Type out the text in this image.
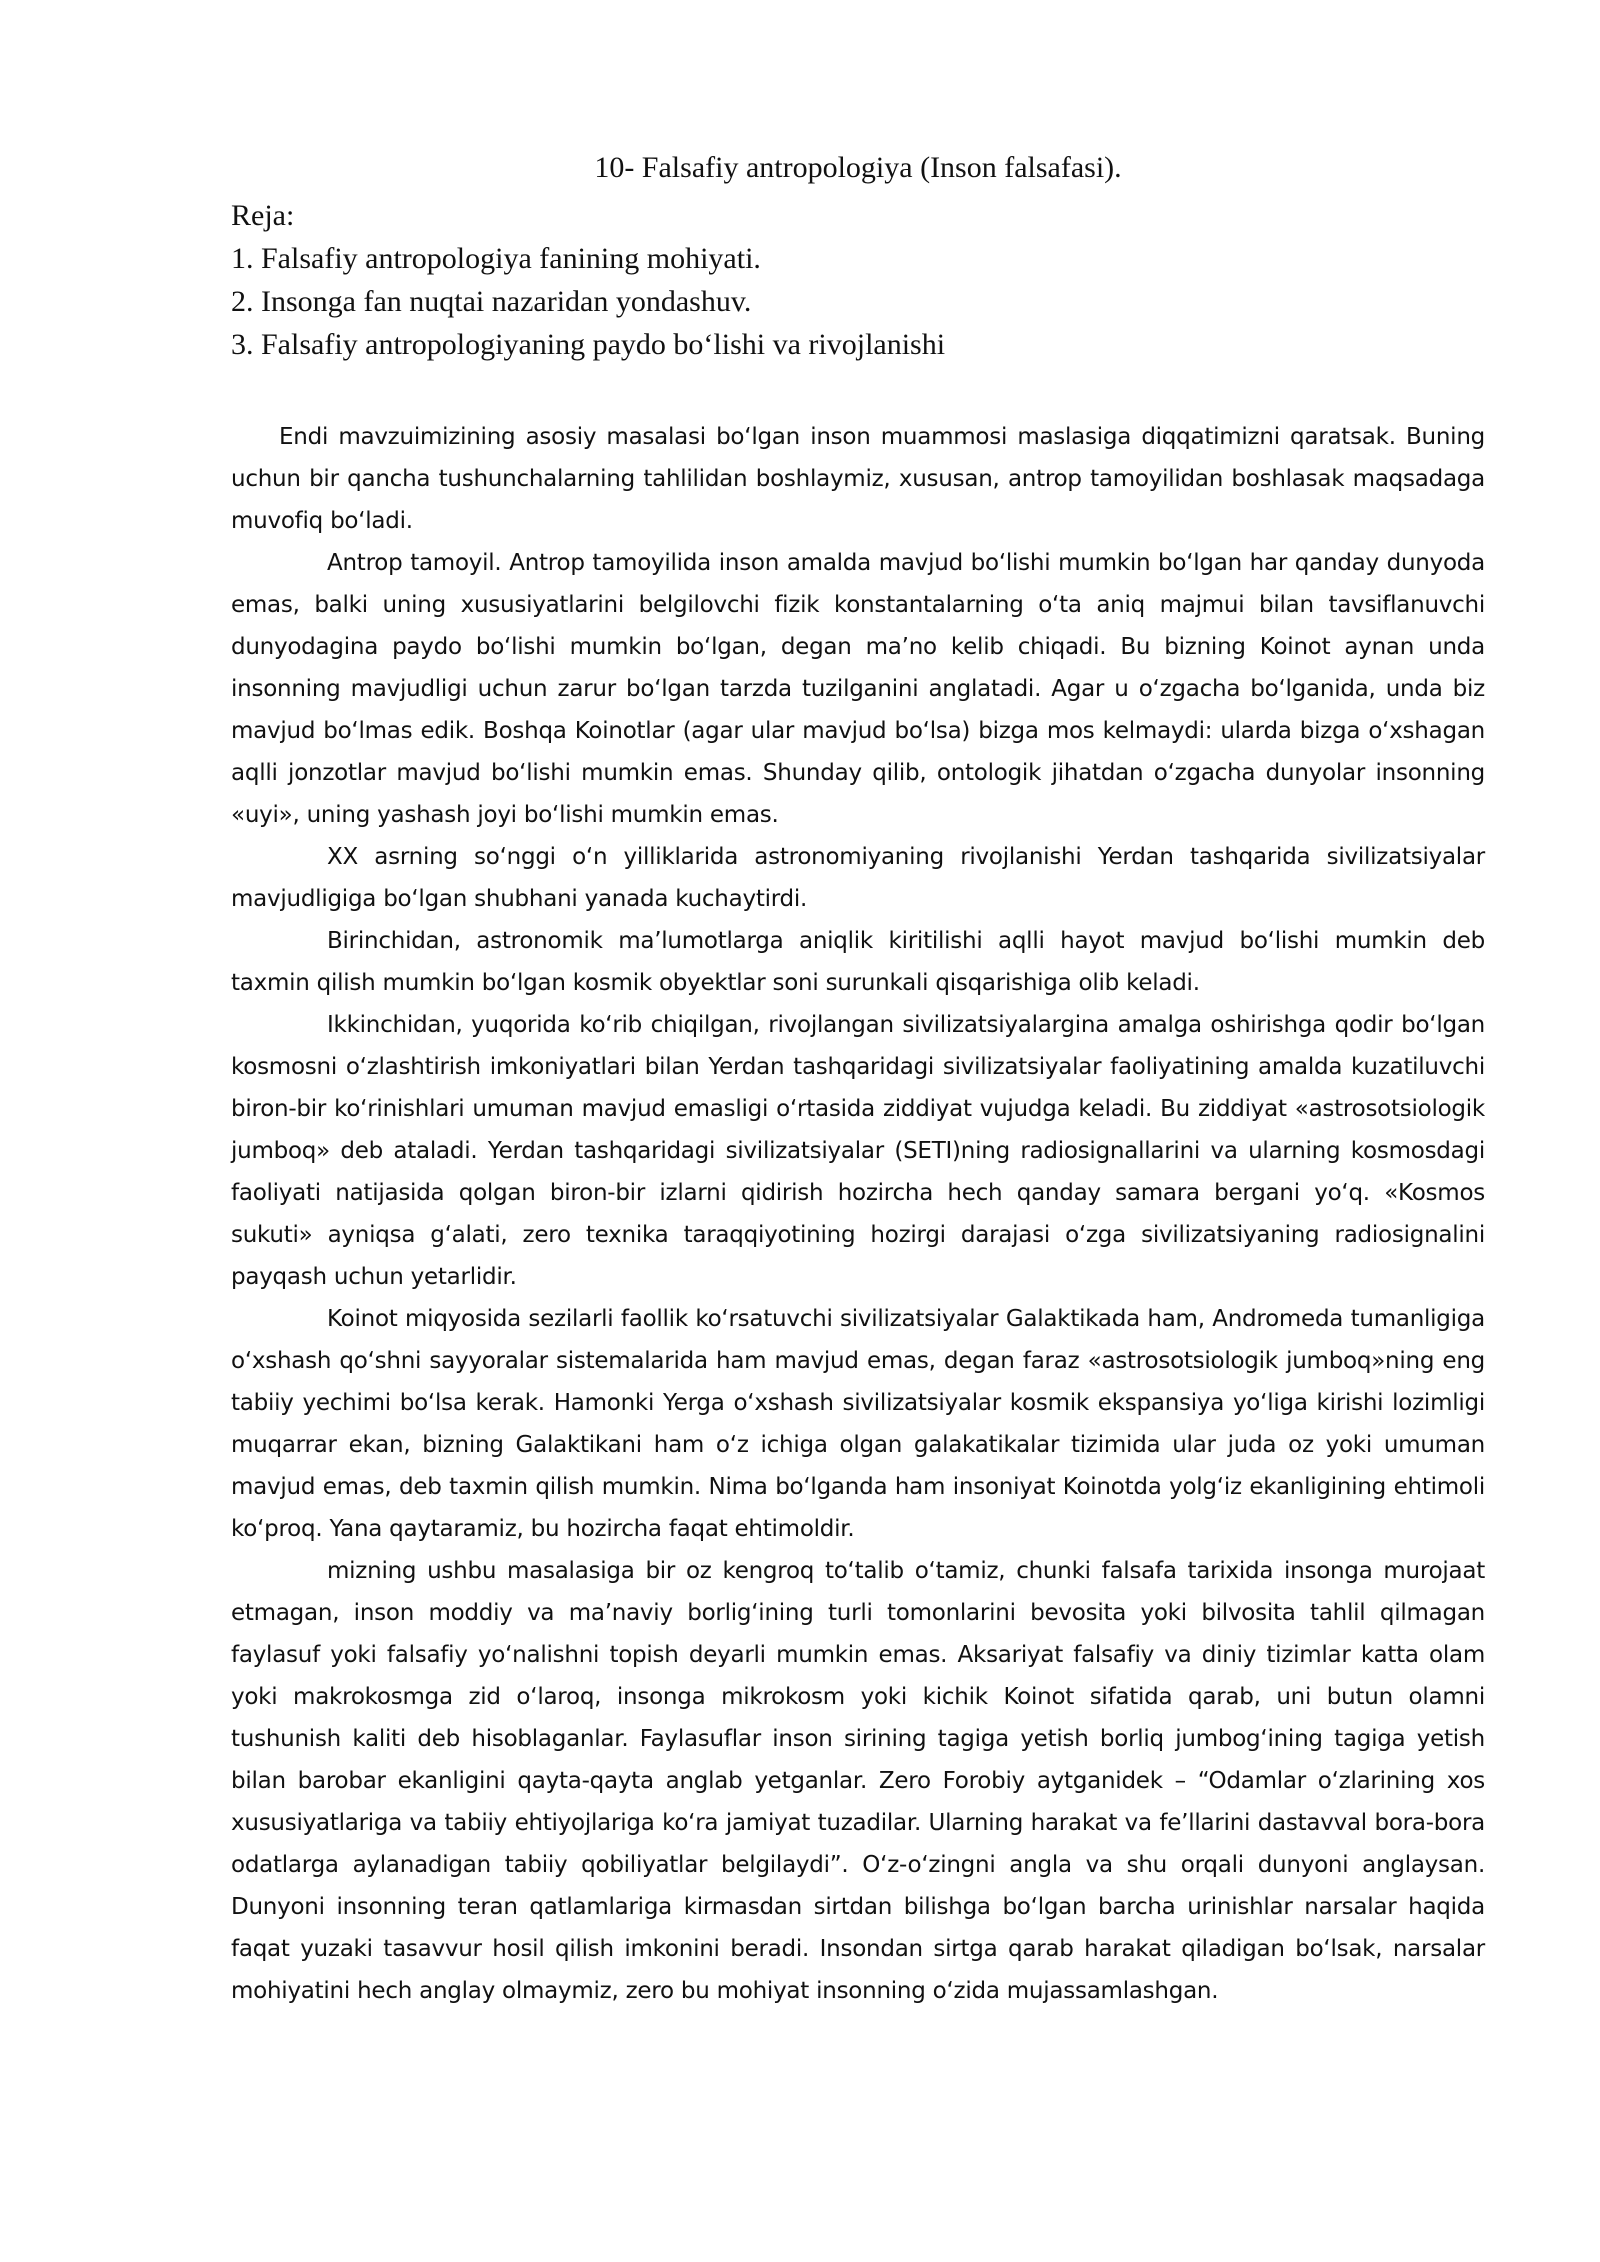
10- Falsafiy antropologiya (Inson falsafasi).
Reja:
1. Falsafiy antropologiya fanining mohiyati.
2. Insonga fan nuqtai nazaridan yondashuv.
3. Falsafiy antropologiyaning paydo bo‘lishi va rivojlanishi

Endi mavzuimizining asosiy masalasi bo‘lgan inson muammosi maslasiga diqqatimizni qaratsak. Buning uchun bir qancha tushunchalarning tahlilidan boshlaymiz, xususan, antrop tamoyilidan boshlasak maqsadaga muvofiq bo‘ladi.

Antrop tamoyil. Antrop tamoyilida inson amalda mavjud bo‘lishi mumkin bo‘lgan har qanday dunyoda emas, balki uning xususiyatlarini belgilovchi fizik konstantalarning o‘ta aniq majmui bilan tavsiflanuvchi dunyodagina paydo bo‘lishi mumkin bo‘lgan, degan ma’no kelib chiqadi. Bu bizning Koinot aynan unda insonning mavjudligi uchun zarur bo‘lgan tarzda tuzilganini anglatadi. Agar u o‘zgacha bo‘lganida, unda biz mavjud bo‘lmas edik. Boshqa Koinotlar (agar ular mavjud bo‘lsa) bizga mos kelmaydi: ularda bizga o‘xshagan aqlli jonzotlar mavjud bo‘lishi mumkin emas. Shunday qilib, ontologik jihatdan o‘zgacha dunyolar insonning «uyi», uning yashash joyi bo‘lishi mumkin emas.

XX asrning so‘nggi o‘n yilliklarida astronomiyaning rivojlanishi Yerdan tashqarida sivilizatsiyalar mavjudligiga bo‘lgan shubhani yanada kuchaytirdi.

Birinchidan, astronomik ma’lumotlarga aniqlik kiritilishi aqlli hayot mavjud bo‘lishi mumkin deb taxmin qilish mumkin bo‘lgan kosmik obyektlar soni surunkali qisqarishiga olib keladi.

Ikkinchidan, yuqorida ko‘rib chiqilgan, rivojlangan sivilizatsiyalargina amalga oshirishga qodir bo‘lgan kosmosni o‘zlashtirish imkoniyatlari bilan Yerdan tashqaridagi sivilizatsiyalar faoliyatining amalda kuzatiluvchi biron-bir ko‘rinishlari umuman mavjud emasligi o‘rtasida ziddiyat vujudga keladi. Bu ziddiyat «astrosotsiologik jumboq» deb ataladi. Yerdan tashqaridagi sivilizatsiyalar (SETI)ning radiosignallarini va ularning kosmosdagi faoliyati natijasida qolgan biron-bir izlarni qidirish hozircha hech qanday samara bergani yo‘q. «Kosmos sukuti» ayniqsa g‘alati, zero texnika taraqqiyotining hozirgi darajasi o‘zga sivilizatsiyaning radiosignalini payqash uchun yetarlidir.

Koinot miqyosida sezilarli faollik ko‘rsatuvchi sivilizatsiyalar Galaktikada ham, Andromeda tumanligiga o‘xshash qo‘shni sayyoralar sistemalarida ham mavjud emas, degan faraz «astrosotsiologik jumboq»ning eng tabiiy yechimi bo‘lsa kerak. Hamonki Yerga o‘xshash sivilizatsiyalar kosmik ekspansiya yo‘liga kirishi lozimligi muqarrar ekan, bizning Galaktikani ham o‘z ichiga olgan galakatikalar tizimida ular juda oz yoki umuman mavjud emas, deb taxmin qilish mumkin. Nima bo‘lganda ham insoniyat Koinotda yolg‘iz ekanligining ehtimoli ko‘proq. Yana qaytaramiz, bu hozircha faqat ehtimoldir.

mizning ushbu masalasiga bir oz kengroq to‘talib o‘tamiz, chunki falsafa tarixida insonga murojaat etmagan, inson moddiy va ma’naviy borlig‘ining turli tomonlarini bevosita yoki bilvosita tahlil qilmagan faylasuf yoki falsafiy yo‘nalishni topish deyarli mumkin emas. Aksariyat falsafiy va diniy tizimlar katta olam yoki makrokosmga zid o‘laroq, insonga mikrokosm yoki kichik Koinot sifatida qarab, uni butun olamni tushunish kaliti deb hisoblaganlar. Faylasuflar inson sirining tagiga yetish borliq jumbog‘ining tagiga yetish bilan barobar ekanligini qayta-qayta anglab yetganlar. Zero Forobiy aytganidek – “Odamlar o‘zlarining xos xususiyatlariga va tabiiy ehtiyojlariga ko‘ra jamiyat tuzadilar. Ularning harakat va fe’llarini dastavval bora-bora odatlarga aylanadigan tabiiy qobiliyatlar belgilaydi”. O‘z-o‘zingni angla va shu orqali dunyoni anglaysan. Dunyoni insonning teran qatlamlariga kirmasdan sirtdan bilishga bo‘lgan barcha urinishlar narsalar haqida faqat yuzaki tasavvur hosil qilish imkonini beradi. Insondan sirtga qarab harakat qiladigan bo‘lsak, narsalar mohiyatini hech anglay olmaymiz, zero bu mohiyat insonning o‘zida mujassamlashgan.
